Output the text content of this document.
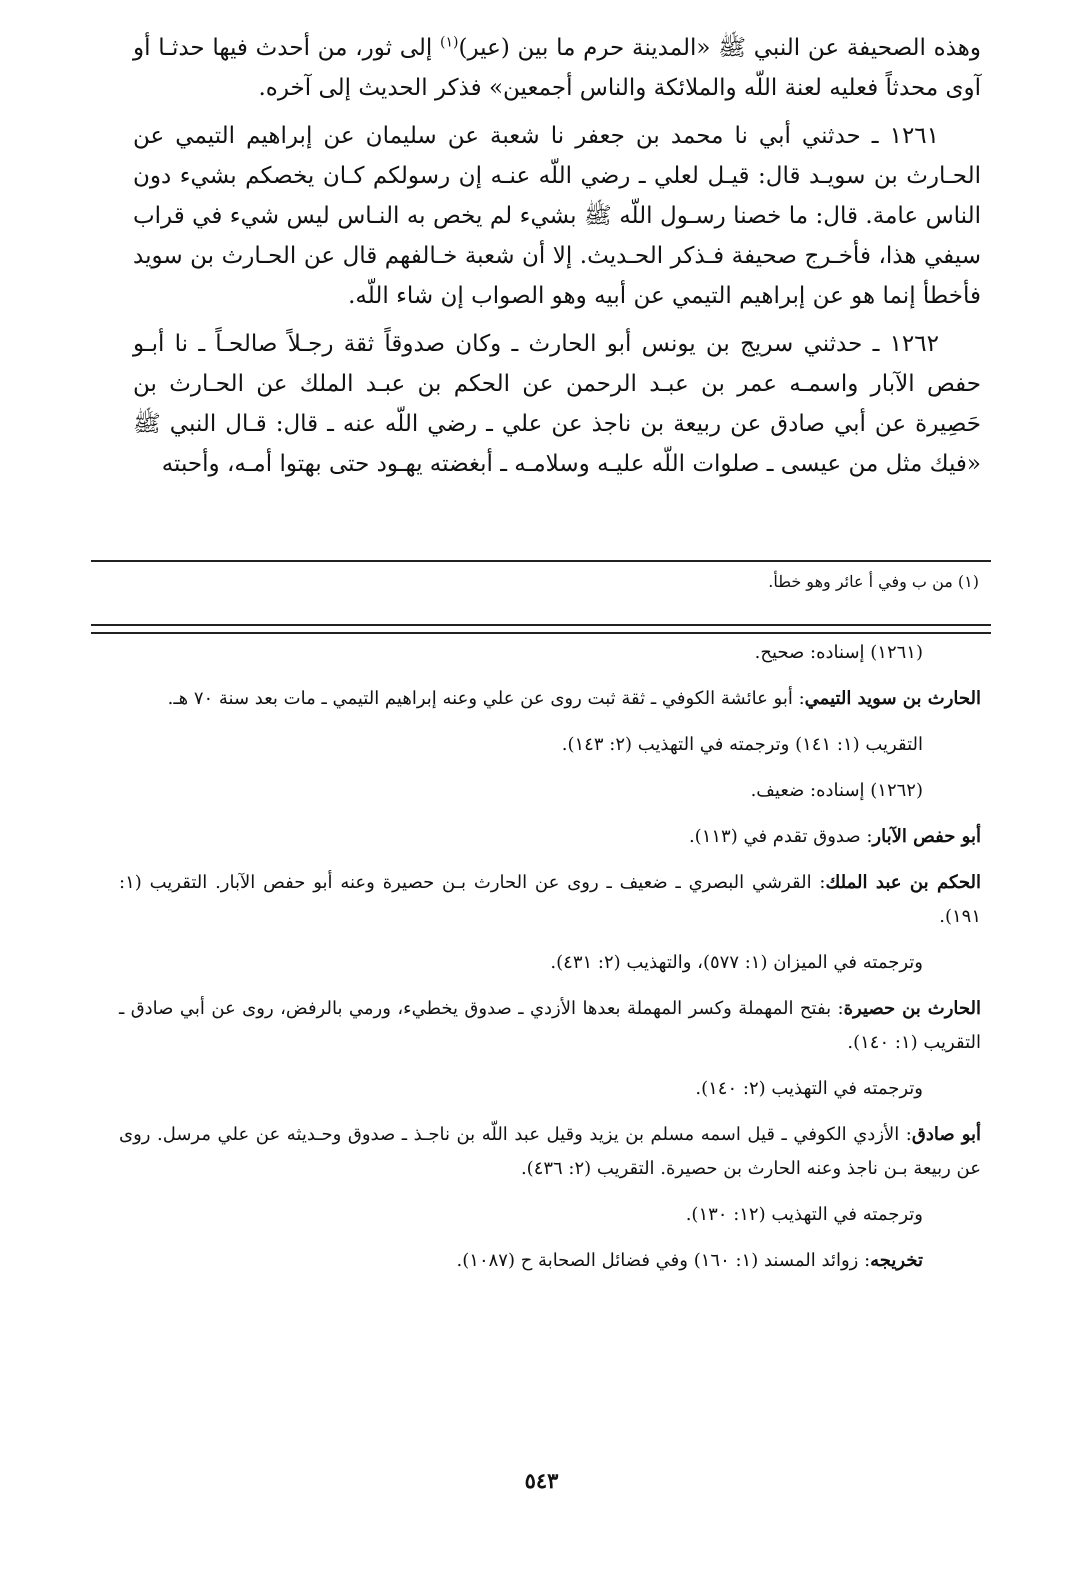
وهذه الصحيفة عن النبي ﷺ «المدينة حرم ما بين (عير)$^{(١)}$ إلى ثور، من أحدث فيها حدثـا أو آوى محدثاً فعليه لعنة اللّه والملائكة والناس أجمعين» فذكر الحديث إلى آخره.

١٢٦١ ـ حدثني أبي نا محمد بن جعفر نا شعبة عن سليمان عن إبراهيم التيمي عن الحـارث بن سويـد قال: قيـل لعلي ـ رضي اللّه عنـه إن رسولكم كـان يخصكم بشيء دون الناس عامة. قال: ما خصنا رسـول اللّه ﷺ بشيء لم يخص به النـاس ليس شيء في قراب سيفي هذا، فأخـرج صحيفة فـذكر الحـديث. إلا أن شعبة خـالفهم قال عن الحـارث بن سويد فأخطأ إنما هو عن إبراهيم التيمي عن أبيه وهو الصواب إن شاء اللّه.

١٢٦٢ ـ حدثني سريج بن يونس أبو الحارث ـ وكان صدوقاً ثقة رجـلاً صالحـاً ـ نا أبـو حفص الآبار واسمـه عمر بن عبـد الرحمن عن الحكم بن عبـد الملك عن الحـارث بن حَصِيرة عن أبي صادق عن ربيعة بن ناجذ عن علي ـ رضي اللّه عنه ـ قال: قـال النبي ﷺ «فيك مثل من عيسى ـ صلوات اللّه عليـه وسلامـه ـ أبغضته يهـود حتى بهتوا أمـه، وأحبته

(١) من ب وفي أ عائر وهو خطأ.

(١٢٦١) إسناده: صحيح.

الحارث بن سويد التيمي: أبو عائشة الكوفي ـ ثقة ثبت روى عن علي وعنه إبراهيم التيمي ـ مات بعد سنة ٧٠ هـ.

التقريب (١: ١٤١) وترجمته في التهذيب (٢: ١٤٣).

(١٢٦٢) إسناده: ضعيف.

أبو حفص الآبار: صدوق تقدم في (١١٣).

الحكم بن عبد الملك: القرشي البصري ـ ضعيف ـ روى عن الحارث بـن حصيرة وعنه أبو حفص الآبار. التقريب (١: ١٩١).

وترجمته في الميزان (١: ٥٧٧)، والتهذيب (٢: ٤٣١).

الحارث بن حصيرة: بفتح المهملة وكسر المهملة بعدها الأزدي ـ صدوق يخطيء، ورمي بالرفض، روى عن أبي صادق ـ التقريب (١: ١٤٠).

وترجمته في التهذيب (٢: ١٤٠).

أبو صادق: الأزدي الكوفي ـ قيل اسمه مسلم بن يزيد وقيل عبد اللّه بن ناجـذ ـ صدوق وحـديثه عن علي مرسل. روى عن ربيعة بـن ناجذ وعنه الحارث بن حصيرة. التقريب (٢: ٤٣٦).

وترجمته في التهذيب (١٢: ١٣٠).

تخريجه: زوائد المسند (١: ١٦٠) وفي فضائل الصحابة ح (١٠٨٧).

٥٤٣
